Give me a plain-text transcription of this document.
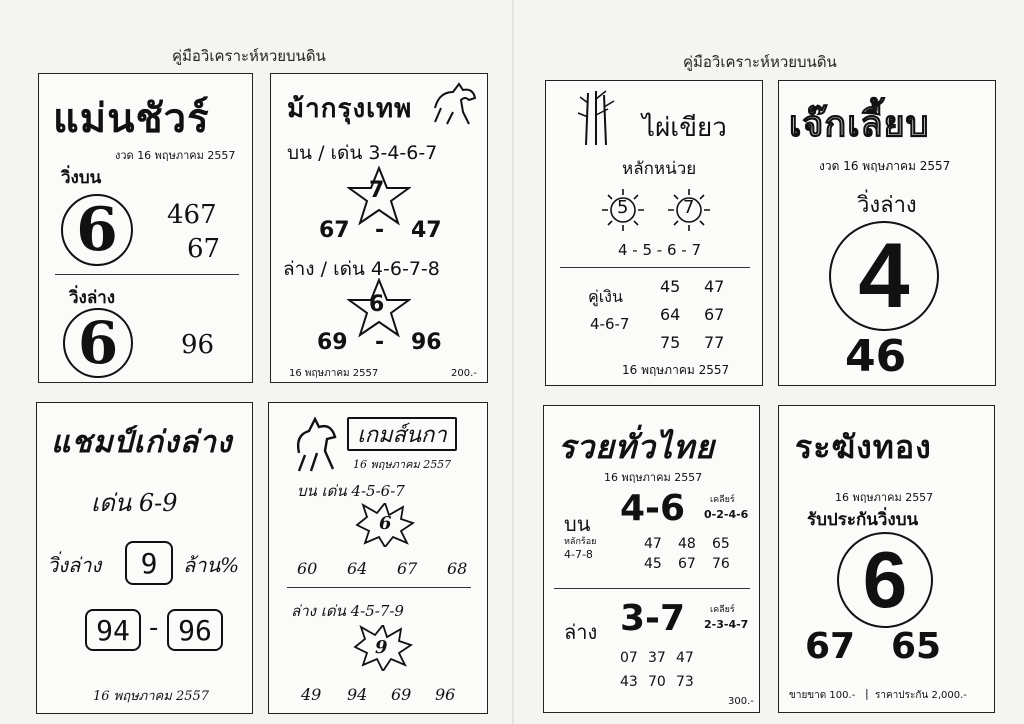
คู่มือวิเคราะห์หวยบนดิน	คู่มือวิเคราะห์หวยบนดิน
แม่นชัวร์
งวด 16 พฤษภาคม 2557
วิ่งบน
6	467
67
วิ่งล่าง
6	96
ม้ากรุงเทพ
บน / เด่น 3-4-6-7
7
67 - 47
ล่าง / เด่น 4-6-7-8
6
69 - 96
16 พฤษภาคม 2557	200.-
แชมป์เก่งล่าง
เด่น 6-9
วิ่งล่าง	9	ล้าน%
94 - 96
16 พฤษภาคม 2557
เกมส์นกา
16 พฤษภาคม 2557
บน เด่น 4-5-6-7
6
60 64 67 68
ล่าง เด่น 4-5-7-9
9
49 94 69 96
ไผ่เขียว
หลักหน่วย
5	7
4 - 5 - 6 - 7
คู่เงิน
4-6-7
45 47
64 67
75 77
16 พฤษภาคม 2557
เจ๊กเลี้ยบ
งวด 16 พฤษภาคม 2557
วิ่งล่าง
4
46
รวยทั่วไทย
16 พฤษภาคม 2557
บน 4-6	เคลียร์
0-2-4-6
หลักร้อย
4-7-8
47 48 65
45 67 76
ล่าง 3-7	เคลียร์
2-3-4-7
07 37 47
43 70 73
300.-
ระฆังทอง
16 พฤษภาคม 2557
รับประกันวิ่งบน
6
67 65
ขายขาด 100.- | ราคาประกัน 2,000.-
